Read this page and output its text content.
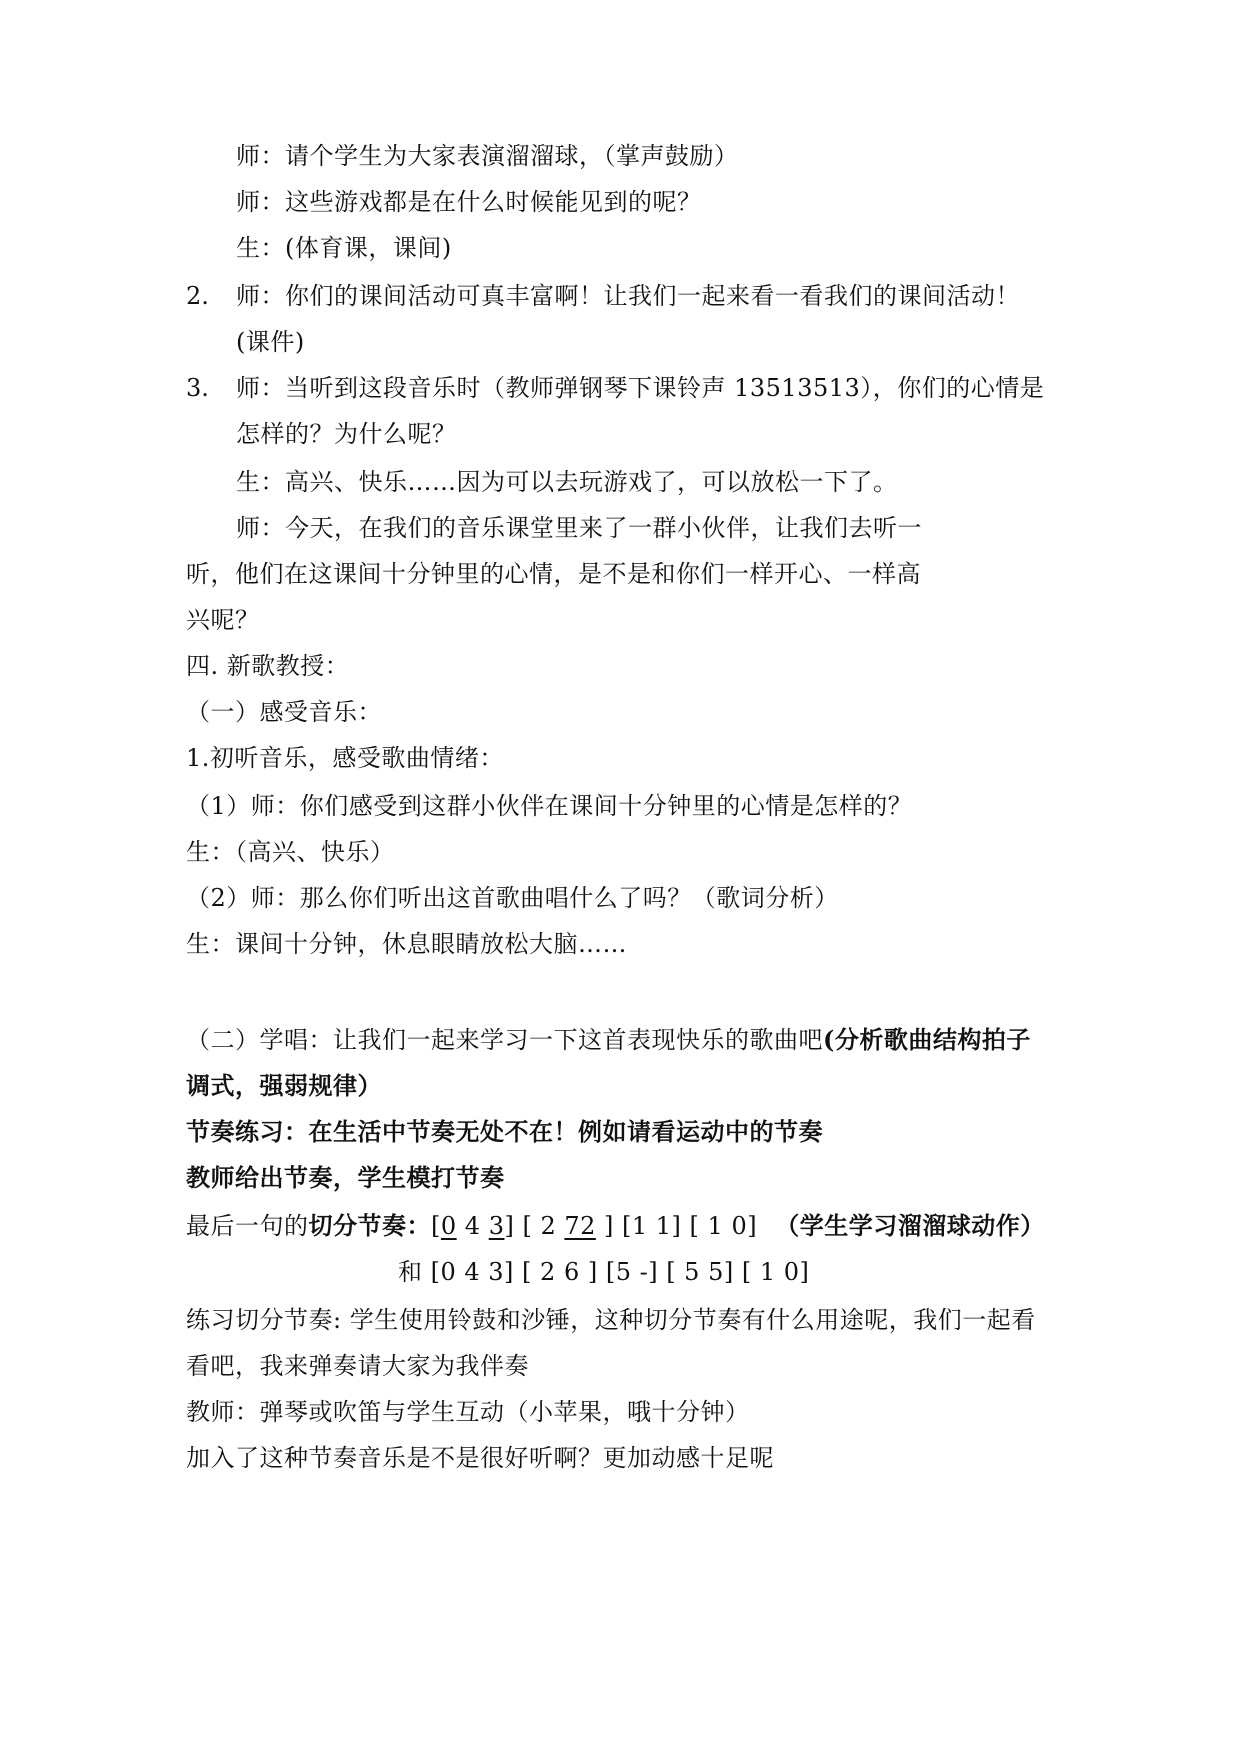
师：请个学生为大家表演溜溜球，（掌声鼓励）
师：这些游戏都是在什么时候能见到的呢？
生：(体育课，课间)
2. 师：你们的课间活动可真丰富啊！让我们一起来看一看我们的课间活动！
(课件)
3. 师：当听到这段音乐时（教师弹钢琴下课铃声 13513513），你们的心情是
怎样的？为什么呢？
生：高兴、快乐……因为可以去玩游戏了，可以放松一下了。
师：今天，在我们的音乐课堂里来了一群小伙伴，让我们去听一
听，他们在这课间十分钟里的心情，是不是和你们一样开心、一样高
兴呢？
四. 新歌教授：
（一）感受音乐：
1.初听音乐，感受歌曲情绪：
（1）师：你们感受到这群小伙伴在课间十分钟里的心情是怎样的？
生：（高兴、快乐）
（2）师：那么你们听出这首歌曲唱什么了吗？（歌词分析）
生：课间十分钟，休息眼睛放松大脑……
（二）学唱：让我们一起来学习一下这首表现快乐的歌曲吧(分析歌曲结构拍子
调式，强弱规律）
节奏练习：在生活中节奏无处不在！例如请看运动中的节奏
教师给出节奏，学生模打节奏
最后一句的切分节奏：[0 4 3] [ 2 72 ] [1 1] [ 1 0] （学生学习溜溜球动作）
和 [0 4 3] [ 2 6 ] [5 -] [ 5 5] [ 1 0]
练习切分节奏: 学生使用铃鼓和沙锤，这种切分节奏有什么用途呢，我们一起看
看吧，我来弹奏请大家为我伴奏
教师：弹琴或吹笛与学生互动（小苹果，哦十分钟）
加入了这种节奏音乐是不是很好听啊？更加动感十足呢
